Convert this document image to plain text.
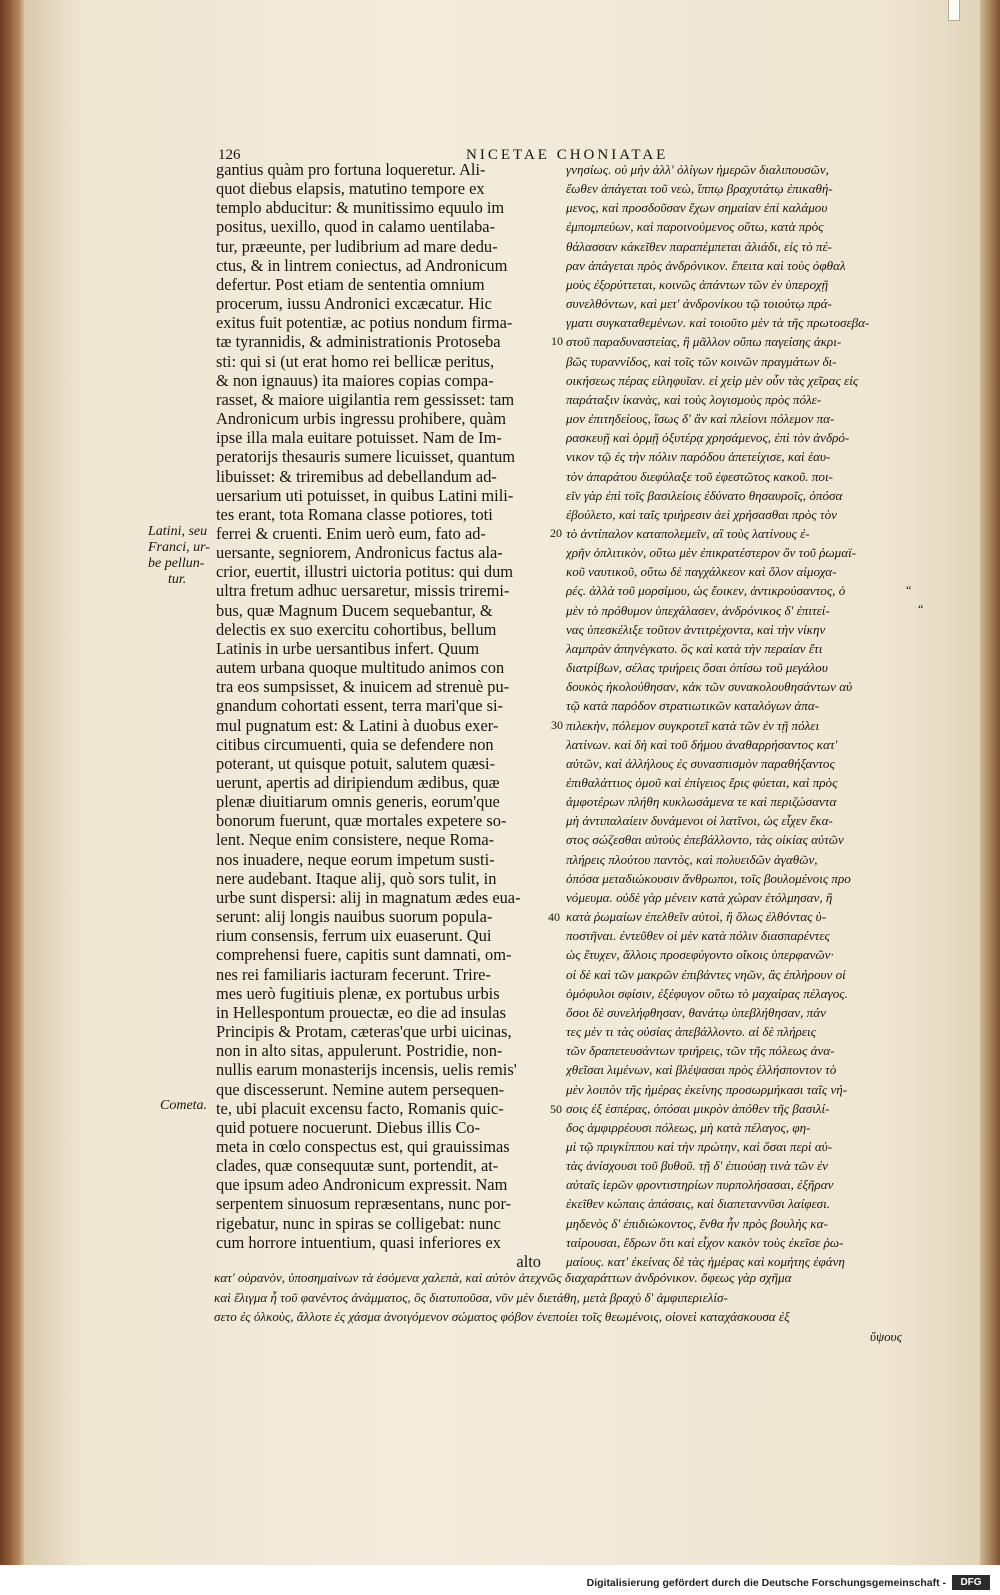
126	NICETAE CHONIATAE
Latini, seu
Franci, ur-
be pellun-
tur.
Cometa.
gantius quàm pro fortuna loqueretur. Ali-
quot diebus elapsis, matutino tempore ex
templo abducitur: & munitissimo equulo im
positus, uexillo, quod in calamo uentilaba-
tur, præeunte, per ludibrium ad mare dedu-
ctus, & in lintrem coniectus, ad Andronicum
defertur. Post etiam de sententia omnium
procerum, iussu Andronici excæcatur. Hic
exitus fuit potentiæ, ac potius nondum firma-
tæ tyrannidis, & administrationis Protoseba
sti: qui si (ut erat homo rei bellicæ peritus,
& non ignauus) ita maiores copias compa-
rasset, & maiore uigilantia rem gessisset: tam
Andronicum urbis ingressu prohibere, quàm
ipse illa mala euitare potuisset. Nam de Im-
peratorijs thesauris sumere licuisset, quantum
libuisset: & triremibus ad debellandum ad-
uersarium uti potuisset, in quibus Latini mili-
tes erant, tota Romana classe potiores, toti
ferrei & cruenti. Enim uerò eum, fato ad-
uersante, segniorem, Andronicus factus ala-
crior, euertit, illustri uictoria potitus: qui dum
ultra fretum adhuc uersaretur, missis triremi-
bus, quæ Magnum Ducem sequebantur, &
delectis ex suo exercitu cohortibus, bellum
Latinis in urbe uersantibus infert. Quum
autem urbana quoque multitudo animos con
tra eos sumpsisset, & inuicem ad strenuè pu-
gnandum cohortati essent, terra mari'que si-
mul pugnatum est: & Latini à duobus exer-
citibus circumuenti, quia se defendere non
poterant, ut quisque potuit, salutem quæsi-
uerunt, apertis ad diripiendum ædibus, quæ
plenæ diuitiarum omnis generis, eorum'que
bonorum fuerunt, quæ mortales expetere so-
lent. Neque enim consistere, neque Roma-
nos inuadere, neque eorum impetum susti-
nere audebant. Itaque alij, quò sors tulit, in
urbe sunt dispersi: alij in magnatum ædes eua-
serunt: alij longis nauibus suorum popula-
rium consensis, ferrum uix euaserunt. Qui
comprehensi fuere, capitis sunt damnati, om-
nes rei familiaris iacturam fecerunt. Trire-
mes uerò fugitiuis plenæ, ex portubus urbis
in Hellespontum prouectæ, eo die ad insulas
Principis & Protam, cæteras'que urbi uicinas,
non in alto sitas, appulerunt. Postridie, non-
nullis earum monasterijs incensis, uelis remis'
que discesserunt. Nemine autem persequen-
te, ubi placuit excensu facto, Romanis quic-
quid potuere nocuerunt. Diebus illis Co-
meta in cœlo conspectus est, qui grauissimas
clades, quæ consequutæ sunt, portendit, at-
que ipsum adeo Andronicum expressit. Nam
serpentem sinuosum repræsentans, nunc por-
rigebatur, nunc in spiras se colligebat: nunc
cum horrore intuentium, quasi inferiores ex
alto
γνησίως. οὐ μὴν ἀλλ' ὀλίγων ἡμερῶν διαλιπουσῶν,
ἕωθεν ἀπάγεται τοῦ νεὼ, ἵππῳ βραχυτάτῳ ἐπικαθή-
μενος, καὶ προσδοῦσαν ἔχων σημαίαν ἐπὶ καλάμου
ἐμπομπεύων, καὶ παροινούμενος οὕτω, κατὰ πρὸς
θάλασσαν κάκεῖθεν παραπέμπεται ἀλιάδι, εἰς τὸ πέ-
ραν ἀπάγεται πρὸς ἀνδρόνικον. ἔπειτα καὶ τοὺς ὀφθαλ
μοὺς ἐξορύττεται, κοινῶς ἁπάντων τῶν ἐν ὑπεροχῇ
συνελθόντων, καὶ μετ' ἀνδρονίκου τῷ τοιούτῳ πρά-
γματι συγκαταθεμένων. καὶ τοιοῦτο μὲν τὰ τῆς πρωτοσεβα-
στοῦ παραδυναστείας, ἢ μᾶλλον οὔπω παγείσης ἀκρι-
βῶς τυραννίδος, καὶ τοῖς τῶν κοινῶν πραγμάτων δι-
οικήσεως πέρας εἰληφυῖαν. εἰ χεὶρ μὲν οὖν τὰς χεῖρας εἰς
παράταξιν ἱκανὰς, καὶ τοὺς λογισμοὺς πρὸς πόλε-
μον ἐπιτηδείους, ἴσως δ' ἂν καὶ πλείονι πόλεμον πα-
ρασκευῇ καὶ ὁρμῇ ὀξυτέρᾳ χρησάμενος, ἐπὶ τὸν ἀνδρό-
νικον τῷ ἐς τὴν πόλιν παρόδου ἀπετείχισε, καὶ ἑαυ-
τὸν ἀπαράτου διεφύλαξε τοῦ ἐφεστῶτος κακοῦ. ποι-
εῖν γὰρ ἐπὶ τοῖς βασιλείοις ἐδύνατο θησαυροῖς, ὁπόσα
ἐβούλετο, καὶ ταῖς τριήρεσιν ἀεὶ χρήσασθαι πρὸς τὸν
τὸ ἀντίπαλον καταπολεμεῖν, αἳ τοὺς λατίνους ἐ-
χρῆν ὁπλιτικὸν, οὕτω μὲν ἐπικρατέστερον ὂν τοῦ ῥωμαϊ-
κοῦ ναυτικοῦ, οὕτω δὲ παγχάλκεον καὶ ὅλον αἱμοχα-
ρές. ἀλλὰ τοῦ μορσίμου, ὡς ἔοικεν, ἀντικρούσαντος, ὁ
μὲν τὸ πρόθυμον ὑπεχάλασεν, ἀνδρόνικος δ' ἐπιτεί-
νας ὑπεσκέλιξε τοῦτον ἀντιτρέχοντα, καὶ τὴν νίκην
λαμπρὰν ἀπηνέγκατο. ὃς καὶ κατὰ τὴν περαίαν ἔτι
διατρίβων, σέλας τριήρεις ὅσαι ὀπίσω τοῦ μεγάλου
δουκὸς ἠκολούθησαν, κἀκ τῶν συνακολουθησάντων αὐ
τῷ κατὰ παρόδον στρατιωτικῶν καταλόγων ἀπα-
πιλεκὴν, πόλεμον συγκροτεῖ κατὰ τῶν ἐν τῇ πόλει
λατίνων. καὶ δὴ καὶ τοῦ δήμου ἀναθαρρήσαντος κατ'
αὐτῶν, καὶ ἀλλήλους ἐς συνασπισμὸν παραθήξαντος
ἐπιθαλάττιος ὁμοῦ καὶ ἐπίγειος ἔρις φύεται, καὶ πρὸς
ἀμφοτέρων πλήθη κυκλωσάμενα τε καὶ περιζώσαντα
μὴ ἀντιπαλαίειν δυνάμενοι οἱ λατῖνοι, ὡς εἶχεν ἕκα-
στος σώζεσθαι αὐτοὺς ἐπεβάλλοντο, τὰς οἰκίας αὐτῶν
πλήρεις πλούτου παντὸς, καὶ πολυειδῶν ἀγαθῶν,
ὁπόσα μεταδιώκουσιν ἄνθρωποι, τοῖς βουλομένοις προ
νόμευμα. οὐδὲ γὰρ μένειν κατὰ χώραν ἐτόλμησαν, ἢ
κατὰ ῥωμαίων ἐπελθεῖν αὐτοὶ, ἢ ὅλως ἐλθόντας ὑ-
ποστῆναι. ἐντεῦθεν οἱ μὲν κατὰ πόλιν διασπαρέντες
ὡς ἔτυχεν, ἄλλοις προσεφύγοντο οἴκοις ὑπερφανῶν·
οἱ δὲ καὶ τῶν μακρῶν ἐπιβάντες νηῶν, ἃς ἐπλήρουν οἱ
ὁμόφυλοι σφίσιν, ἐξέφυγον οὕτω τὸ μαχαίρας πέλαγος.
ὅσοι δὲ συνελήφθησαν, θανάτῳ ὑπεβλήθησαν, πάν
τες μὲν τι τὰς οὐσίας ἀπεβάλλοντο. αἱ δὲ πλήρεις
τῶν δραπετευσάντων τριήρεις, τῶν τῆς πόλεως ἀνα-
χθεῖσαι λιμένων, καὶ βλέψασαι πρὸς ἑλλήσποντον τὸ
μὲν λοιπὸν τῆς ἡμέρας ἐκείνης προσωρμήκασι ταῖς νή-
σοις ἐξ ἑσπέρας, ὁπόσαι μικρὸν ἀπόθεν τῆς βασιλί-
δος ἀμφιρρέουσι πόλεως, μὴ κατὰ πέλαγος, φη-
μὶ τῷ πριγκίππου καὶ τὴν πρώτην, καὶ ὅσαι περὶ αὐ-
τὰς ἀνίσχουσι τοῦ βυθοῦ. τῇ δ' ἐπιούσῃ τινὰ τῶν ἐν
αὐταῖς ἱερῶν φροντιστηρίων πυρπολήσασαι, ἐξῆραν
ἐκεῖθεν κώπαις ἁπάσαις, καὶ διαπεταννῦσι λαίφεσι.
μηδενὸς δ' ἐπιδιώκοντος, ἔνθα ἦν πρὸς βουλὴς κα-
ταίρουσαι, ἔδρων ὅτι καὶ εἶχον κακὸν τοὺς ἐκεῖσε ῥω-
μαίους. κατ' ἐκείνας δὲ τὰς ἡμέρας καὶ κομήτης ἐφάνη
10
20
30
40
50
“
“
κατ' οὐρανὸν, ὑποσημαίνων τὰ ἐσόμενα χαλεπὰ, καὶ αὐτὸν ἀτεχνῶς διαχαράττων ἀνδρόνικον. ὄφεως γὰρ σχῆμα
καὶ ἕλιγμα ἦ τοῦ φανέντος ἀνάμματος, ὃς διατυποῦσα, νῦν μὲν διετάθη, μετὰ βραχὺ δ' ἀμφιπεριελίσ-
σετο ἐς ὁλκοὺς, ἄλλοτε ἐς χάσμα ἀνοιγόμενον σώματος φόβον ἐνεποίει τοῖς θεωμένοις, οἱονεὶ καταχάσκουσα ἐξ
ὕψους
Digitalisierung gefördert durch die Deutsche Forschungsgemeinschaft -	DFG
